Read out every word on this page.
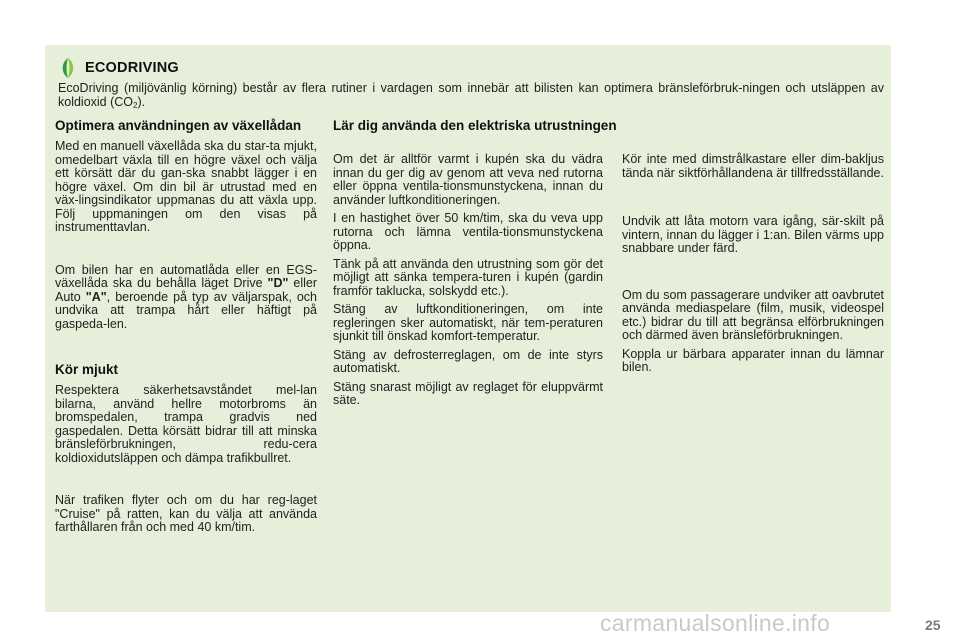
ECODRIVING
EcoDriving (miljövänlig körning) består av flera rutiner i vardagen som innebär att bilisten kan optimera bränsleförbruk-ningen och utsläppen av koldioxid $(CO_2)$.
Optimera användningen av växellådan

Med en manuell växellåda ska du star-ta mjukt, omedelbart växla till en högre växel och välja ett körsätt där du gan-ska snabbt lägger i en högre växel. Om din bil är utrustad med en väx‑lingsindikator uppmanas du att växla upp. Följ uppmaningen om den visas på instrumenttavlan.

Om bilen har en automatlåda eller en EGS-växellåda ska du behålla läget Drive "D" eller Auto "A", beroende på typ av väljarspak, och undvika att trampa hårt eller häftigt på gaspeda-len.

Kör mjukt

Respektera säkerhetsavståndet mel-lan bilarna, använd hellre motorbroms än bromspedalen, trampa gradvis ned gaspedalen. Detta körsätt bidrar till att minska bränsleförbrukningen, redu-cera koldioxidutsläppen och dämpa trafikbullret.

När trafiken flyter och om du har reg-laget "Cruise" på ratten, kan du välja att använda farthållaren från och med 40 km/tim.

Lär dig använda den elektriska utrustningen

Om det är alltför varmt i kupén ska du vädra innan du ger dig av genom att veva ned rutorna eller öppna ventila-tionsmunstyckena, innan du använder luftkonditioneringen.

I en hastighet över 50 km/tim, ska du veva upp rutorna och lämna ventila-tionsmunstyckena öppna.

Tänk på att använda den utrustning som gör det möjligt att sänka tempera-turen i kupén (gardin framför taklucka, solskydd etc.).

Stäng av luftkonditioneringen, om inte regleringen sker automatiskt, när tem-peraturen sjunkit till önskad komfort-temperatur.

Stäng av defrosterreglagen, om de inte styrs automatiskt.

Stäng snarast möjligt av reglaget för eluppvärmt säte.

Kör inte med dimstrålkastare eller dim-bakljus tända när siktförhållandena är tillfredsställande.

Undvik att låta motorn vara igång, sär-skilt på vintern, innan du lägger i 1:an. Bilen värms upp snabbare under färd.

Om du som passagerare undviker att oavbrutet använda mediaspelare (film, musik, videospel etc.) bidrar du till att begränsa elförbrukningen och därmed även bränsleförbrukningen.

Koppla ur bärbara apparater innan du lämnar bilen.

carmanualsonline.info	25
